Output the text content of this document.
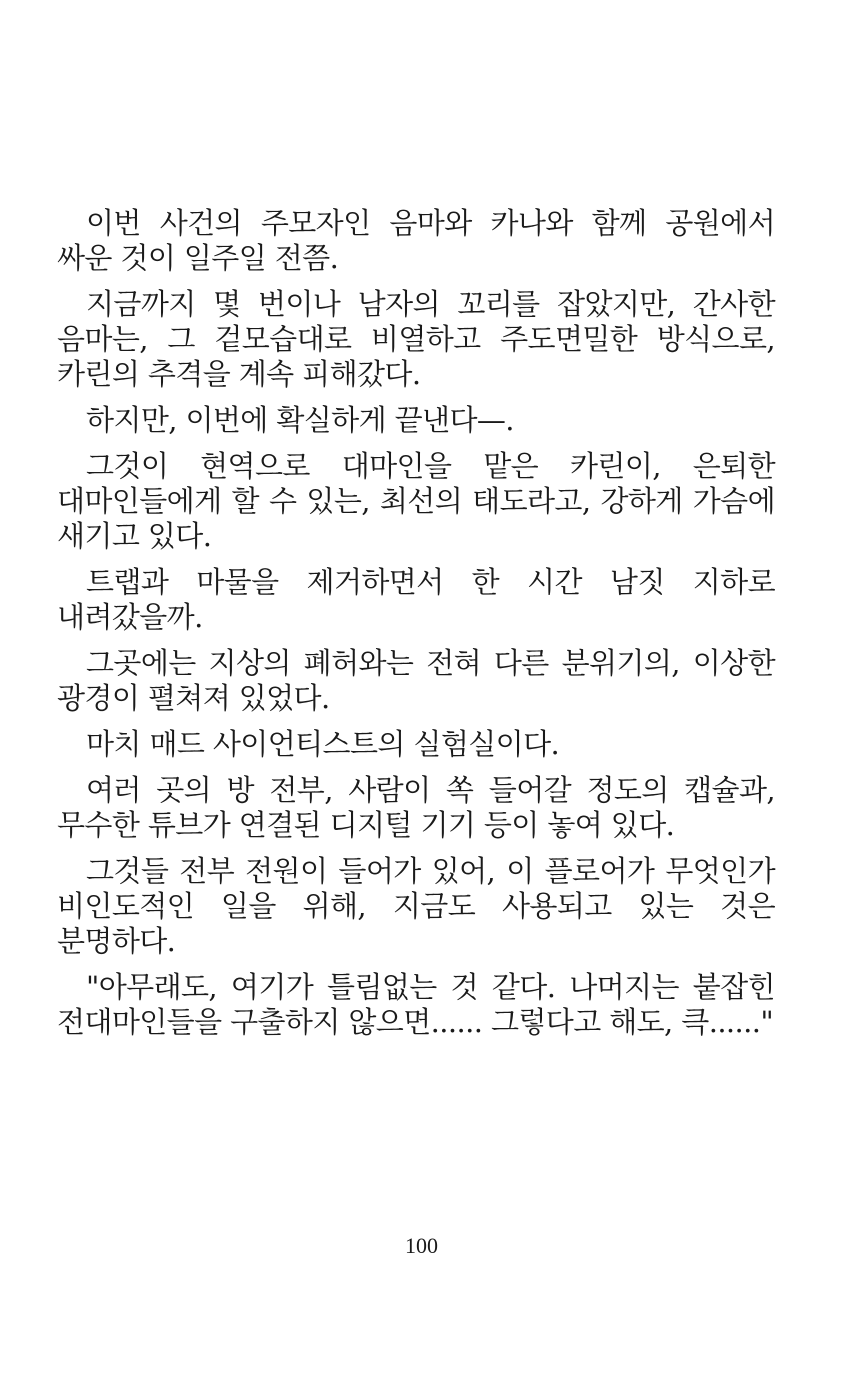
이번 사건의 주모자인 음마와 카나와 함께 공원에서 싸운 것이 일주일 전쯤.

지금까지 몇 번이나 남자의 꼬리를 잡았지만, 간사한 음마는, 그 겉모습대로 비열하고 주도면밀한 방식으로, 카린의 추격을 계속 피해갔다.

하지만, 이번에 확실하게 끝낸다—.

그것이 현역으로 대마인을 맡은 카린이, 은퇴한 대마인들에게 할 수 있는, 최선의 태도라고, 강하게 가슴에 새기고 있다.

트랩과 마물을 제거하면서 한 시간 남짓 지하로 내려갔을까.

그곳에는 지상의 폐허와는 전혀 다른 분위기의, 이상한 광경이 펼쳐져 있었다.

마치 매드 사이언티스트의 실험실이다.

여러 곳의 방 전부, 사람이 쏙 들어갈 정도의 캡슐과, 무수한 튜브가 연결된 디지털 기기 등이 놓여 있다.

그것들 전부 전원이 들어가 있어, 이 플로어가 무엇인가 비인도적인 일을 위해, 지금도 사용되고 있는 것은 분명하다.

"아무래도, 여기가 틀림없는 것 같다. 나머지는 붙잡힌 전대마인들을 구출하지 않으면...... 그렇다고 해도, 큭......"

100
